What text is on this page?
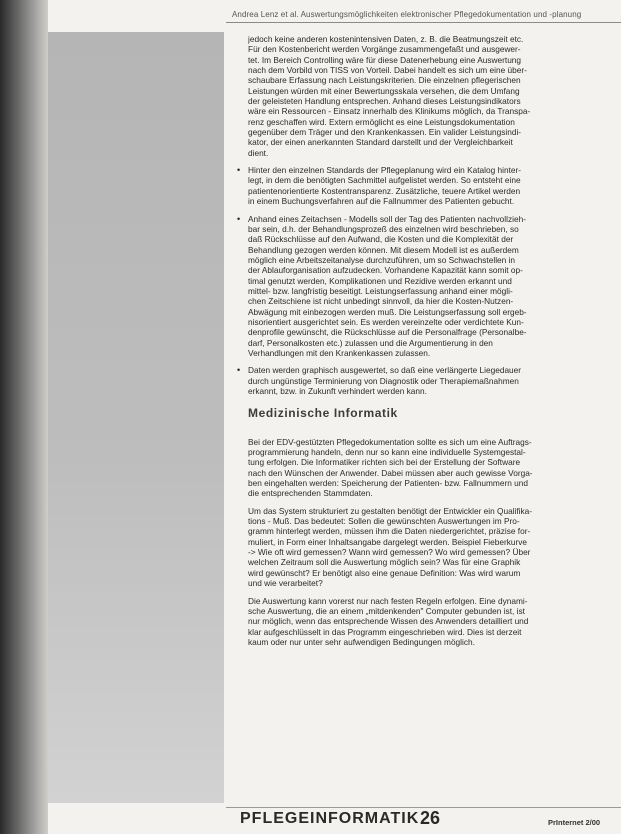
Andrea Lenz et al. Auswertungsmöglichkeiten elektronischer Pflegedokumentation und -planung
jedoch keine anderen kostenintensiven Daten, z. B. die Beatmungszeit etc.
Für den Kostenbericht werden Vorgänge zusammengefaßt und ausgewer-
tet. Im Bereich Controlling wäre für diese Datenerhebung eine Auswertung
nach dem Vorbild von TISS von Vorteil. Dabei handelt es sich um eine über-
schaubare Erfassung nach Leistungskriterien. Die einzelnen pflegerischen
Leistungen würden mit einer Bewertungsskala versehen, die dem Umfang
der geleisteten Handlung entsprechen. Anhand dieses Leistungsindikators
wäre ein Ressourcen - Einsatz innerhalb des Klinikums möglich, da Transpa-
renz geschaffen wird. Extern ermöglicht es eine Leistungsdokumentation
gegenüber dem Träger und den Krankenkassen. Ein valider Leistungsindi-
kator, der einen anerkannten Standard darstellt und der Vergleichbarkeit
dient.
• Hinter den einzelnen Standards der Pflegeplanung wird ein Katalog hinter-
legt, in dem die benötigten Sachmittel aufgelistet werden. So entsteht eine
patientenorientierte Kostentransparenz. Zusätzliche, teuere Artikel werden
in einem Buchungsverfahren auf die Fallnummer des Patienten gebucht.
• Anhand eines Zeitachsen - Modells soll der Tag des Patienten nachvollzieh-
bar sein, d.h. der Behandlungsprozeß des einzelnen wird beschrieben, so
daß Rückschlüsse auf den Aufwand, die Kosten und die Komplexität der
Behandlung gezogen werden können. Mit diesem Modell ist es außerdem
möglich eine Arbeitszeitanalyse durchzuführen, um so Schwachstellen in
der Ablauforganisation aufzudecken. Vorhandene Kapazität kann somit op-
timal genutzt werden, Komplikationen und Rezidive werden erkannt und
mittel- bzw. langfristig beseitigt. Leistungserfassung anhand einer mögli-
chen Zeitschiene ist nicht unbedingt sinnvoll, da hier die Kosten-Nutzen-
Abwägung mit einbezogen werden muß. Die Leistungserfassung soll ergeb-
nisorientiert ausgerichtet sein. Es werden vereinzelte oder verdichtete Kun-
denprofile gewünscht, die Rückschlüsse auf die Personalfrage (Personalbe-
darf, Personalkosten etc.) zulassen und die Argumentierung in den
Verhandlungen mit den Krankenkassen zulassen.
• Daten werden graphisch ausgewertet, so daß eine verlängerte Liegedauer
durch ungünstige Terminierung von Diagnostik oder Therapiemaßnahmen
erkannt, bzw. in Zukunft verhindert werden kann.
Medizinische Informatik
Bei der EDV-gestützten Pflegedokumentation sollte es sich um eine Auftrags-
programmierung handeln, denn nur so kann eine individuelle Systemgestal-
tung erfolgen. Die Informatiker richten sich bei der Erstellung der Software
nach den Wünschen der Anwender. Dabei müssen aber auch gewisse Vorga-
ben eingehalten werden: Speicherung der Patienten- bzw. Fallnummern und
die entsprechenden Stammdaten.
Um das System strukturiert zu gestalten benötigt der Entwickler ein Qualifika-
tions - Muß. Das bedeutet: Sollen die gewünschten Auswertungen im Pro-
gramm hinterlegt werden, müssen ihm die Daten niedergerichtet, präzise for-
muliert, in Form einer Inhaltsangabe dargelegt werden. Beispiel Fieberkurve
-> Wie oft wird gemessen? Wann wird gemessen? Wo wird gemessen? Über
welchen Zeitraum soll die Auswertung möglich sein? Was für eine Graphik
wird gewünscht? Er benötigt also eine genaue Definition: Was wird warum
und wie verarbeitet?
Die Auswertung kann vorerst nur nach festen Regeln erfolgen. Eine dynami-
sche Auswertung, die an einem „mitdenkenden" Computer gebunden ist, ist
nur möglich, wenn das entsprechende Wissen des Anwenders detailliert und
klar aufgeschlüsselt in das Programm eingeschrieben wird. Dies ist derzeit
kaum oder nur unter sehr aufwendigen Bedingungen möglich.
PFLEGEINFORMATIK 26	PrInternet 2/00
